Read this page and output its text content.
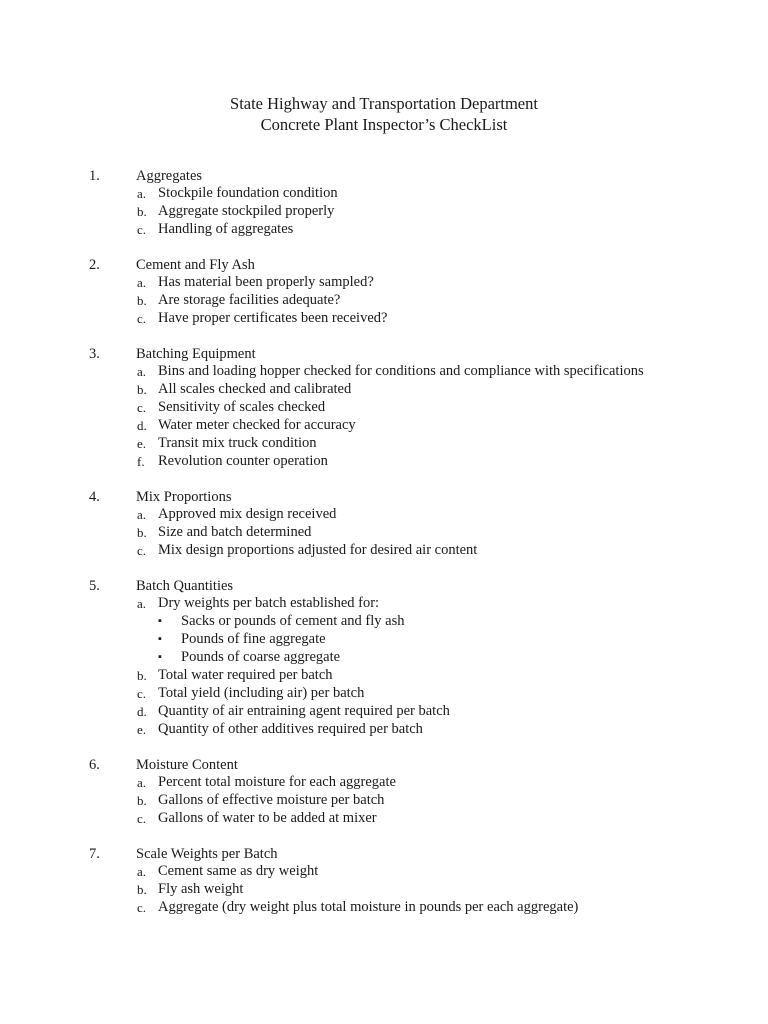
State Highway and Transportation Department
Concrete Plant Inspector’s CheckList
1. Aggregates
a. Stockpile foundation condition
b. Aggregate stockpiled properly
c. Handling of aggregates
2. Cement and Fly Ash
a. Has material been properly sampled?
b. Are storage facilities adequate?
c. Have proper certificates been received?
3. Batching Equipment
a. Bins and loading hopper checked for conditions and compliance with specifications
b. All scales checked and calibrated
c. Sensitivity of scales checked
d. Water meter checked for accuracy
e. Transit mix truck condition
f. Revolution counter operation
4. Mix Proportions
a. Approved mix design received
b. Size and batch determined
c. Mix design proportions adjusted for desired air content
5. Batch Quantities
a. Dry weights per batch established for:
▪ Sacks or pounds of cement and fly ash
▪ Pounds of fine aggregate
▪ Pounds of coarse aggregate
b. Total water required per batch
c. Total yield (including air) per batch
d. Quantity of air entraining agent required per batch
e. Quantity of other additives required per batch
6. Moisture Content
a. Percent total moisture for each aggregate
b. Gallons of effective moisture per batch
c. Gallons of water to be added at mixer
7. Scale Weights per Batch
a. Cement same as dry weight
b. Fly ash weight
c. Aggregate (dry weight plus total moisture in pounds per each aggregate)
